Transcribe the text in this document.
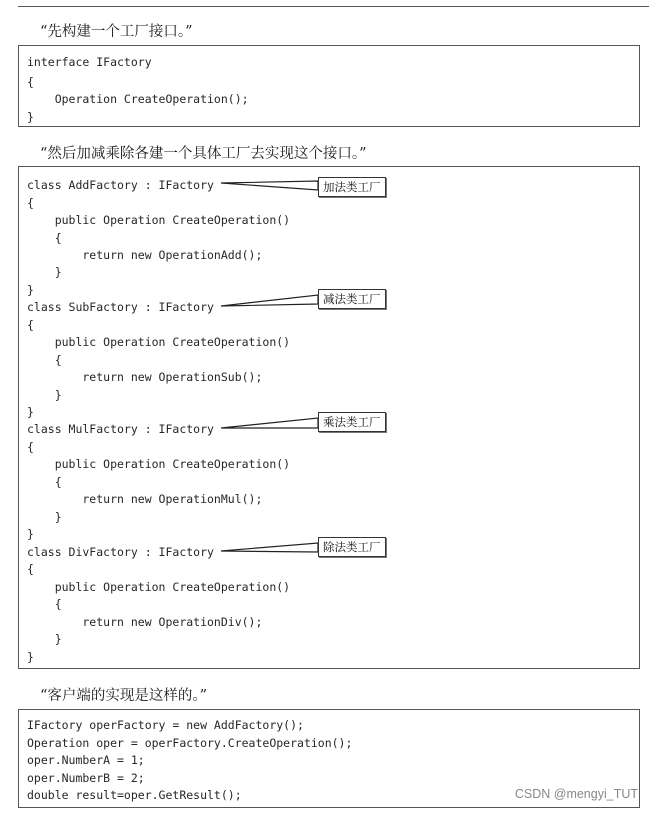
“先构建一个工厂接口。”
interface IFactory
{
Operation CreateOperation();
}
“然后加减乘除各建一个具体工厂去实现这个接口。”
class AddFactory : IFactory
{
public Operation CreateOperation()
{
return new OperationAdd();
}
}
class SubFactory : IFactory
{
public Operation CreateOperation()
{
return new OperationSub();
}
}
class MulFactory : IFactory
{
public Operation CreateOperation()
{
return new OperationMul();
}
}
class DivFactory : IFactory
{
public Operation CreateOperation()
{
return new OperationDiv();
}
}
加法类工厂
减法类工厂
乘法类工厂
除法类工厂
“客户端的实现是这样的。”
IFactory operFactory = new AddFactory();
Operation oper = operFactory.CreateOperation();
oper.NumberA = 1;
oper.NumberB = 2;
double result=oper.GetResult();	CSDN @mengyi_TUT
